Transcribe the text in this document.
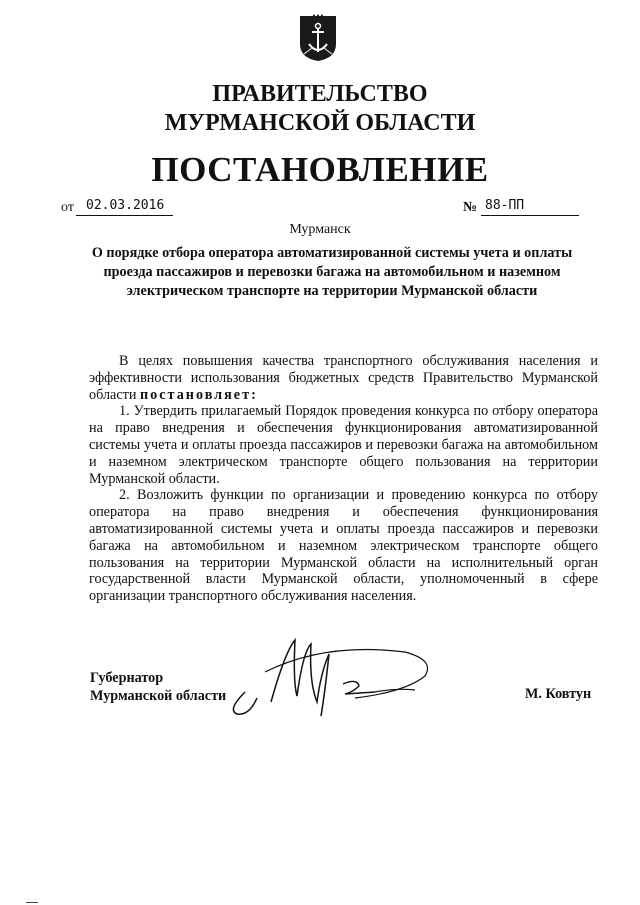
ПРАВИТЕЛЬСТВО
МУРМАНСКОЙ ОБЛАСТИ
ПОСТАНОВЛЕНИЕ
от 02.03.2016	№ 88-ПП
Мурманск
О порядке отбора оператора автоматизированной системы учета и оплаты проезда пассажиров и перевозки багажа на автомобильном и наземном электрическом транспорте на территории Мурманской области

В целях повышения качества транспортного обслуживания населения и эффективности использования бюджетных средств Правительство Мурманской области постановляет:

1. Утвердить прилагаемый Порядок проведения конкурса по отбору оператора на право внедрения и обеспечения функционирования автоматизированной системы учета и оплаты проезда пассажиров и перевозки багажа на автомобильном и наземном электрическом транспорте общего пользования на территории Мурманской области.

2. Возложить функции по организации и проведению конкурса по отбору оператора на право внедрения и обеспечения функционирования автоматизированной системы учета и оплаты проезда пассажиров и перевозки багажа на автомобильном и наземном электрическом транспорте общего пользования на территории Мурманской области на исполнительный орган государственной власти Мурманской области, уполномоченный в сфере организации транспортного обслуживания населения.

Губернатор
Мурманской области	М. Ковтун
